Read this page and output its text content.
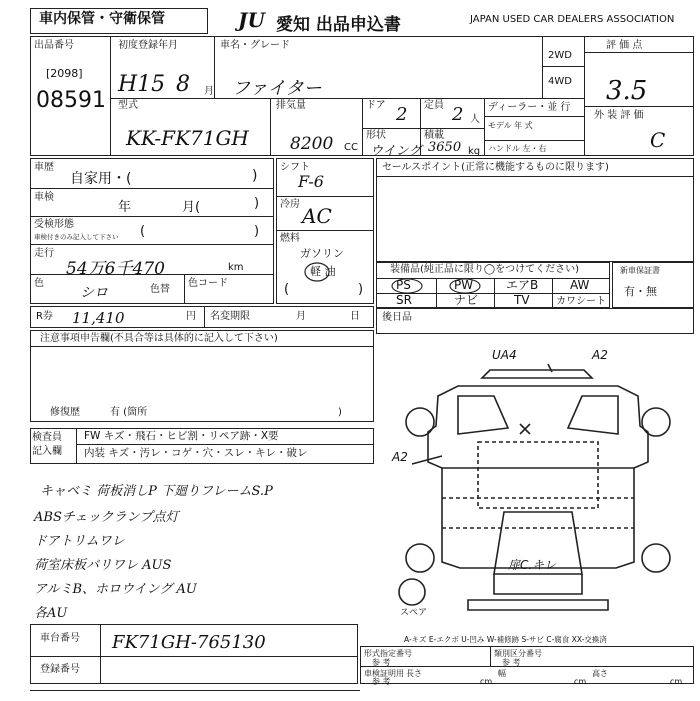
車内保管・守衛保管	JU 愛知 出品申込書	JAPAN USED CAR DEALERS ASSOCIATION
出品番号
[2098]
08591
初度登録年月
H15 8 月
車名・グレード
ファイター
2WD
4WD
評 価 点
3.5
外 装 評 価
C
型式
KK-FK71GH
排気量
8200 CC
ドア 2 定員 2 人
ディーラー・並 行
モデル 年 式
ハンドル 左・右
形状
ウイング
積載
3650 kg
車歴
自家用・(	)
車検
年	月(	)
受検形態
車検付きのみ記入して下さい (	)
走行
54万6千470	km
色
シロ	色替
色コード
シフト
F-6
冷房 AC
燃料
ガソリン
軽 油
(	)
セールスポイント(正常に機能するものに限ります)
装備品(純正品に限り◯をつけてください)
PS	PW	エアB	AW
SR	ナビ	TV	カワシート
新車保証書
有・無
R券 11,410	円 名変期限	月	日 後日品
注意事項申告欄(不具合等は具体的に記入して下さい)
修復歴	有 (箇所	)
検査員
記入欄
FW キズ・飛石・ヒビ割・リペア跡・X要
内装 キズ・汚レ・コゲ・穴・スレ・キレ・破レ
キャベミ 荷板消しP 下廻りフレームS.P
ABSチェックランプ点灯
ドアトリムワレ
荷室床板バリワレ AUS
アルミB、ホロウイング AU
各AU
UA4	A2
A2
扉C.キレ
スペア
A-キズ E-エクボ U-凹み W-補修跡 S-サビ C-腐食 XX-交換済
車台番号 FK71GH-765130
登録番号
形式指定番号
参 考
類別区分番号
参 考
車検証明用
参 考
長さ
cm
幅
cm
高さ
cm
